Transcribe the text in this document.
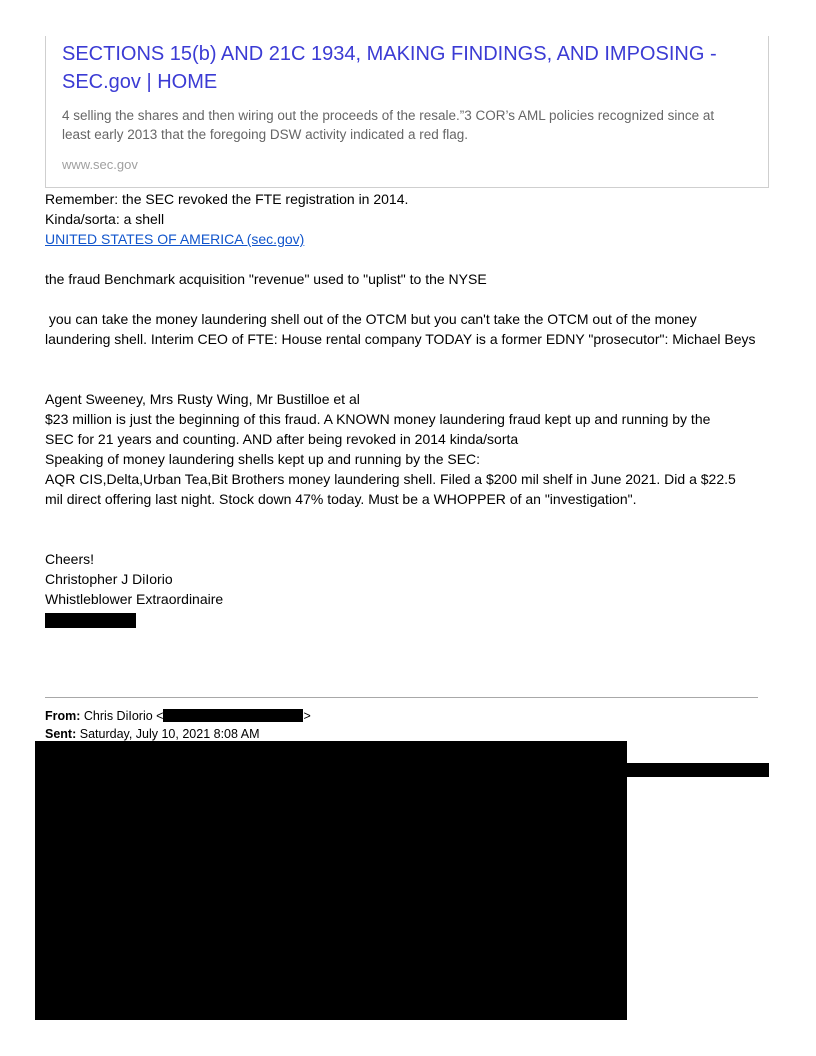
SECTIONS 15(b) AND 21C 1934, MAKING FINDINGS, AND IMPOSING - SEC.gov | HOME
4 selling the shares and then wiring out the proceeds of the resale.”3 COR’s AML policies recognized since at least early 2013 that the foregoing DSW activity indicated a red flag.
www.sec.gov
Remember: the SEC revoked the FTE registration in 2014.
Kinda/sorta: a shell
UNITED STATES OF AMERICA (sec.gov)
the fraud Benchmark acquisition "revenue" used to "uplist" to the NYSE
you can take the money laundering shell out of the OTCM but you can't take the OTCM out of the money
laundering shell. Interim CEO of FTE: House rental company TODAY is a former EDNY "prosecutor": Michael Beys
Agent Sweeney, Mrs Rusty Wing, Mr Bustilloe et al
$23 million is just the beginning of this fraud. A KNOWN money laundering fraud kept up and running by the
SEC for 21 years and counting. AND after being revoked in 2014 kinda/sorta
Speaking of money laundering shells kept up and running by the SEC:
AQR CIS,Delta,Urban Tea,Bit Brothers money laundering shell. Filed a $200 mil shelf in June 2021. Did a $22.5
mil direct offering last night. Stock down 47% today. Must be a WHOPPER of an "investigation".
Cheers!
Christopher J DiIorio
Whistleblower Extraordinaire
From: Chris DiIorio <	>
Sent: Saturday, July 10, 2021 8:08 AM
